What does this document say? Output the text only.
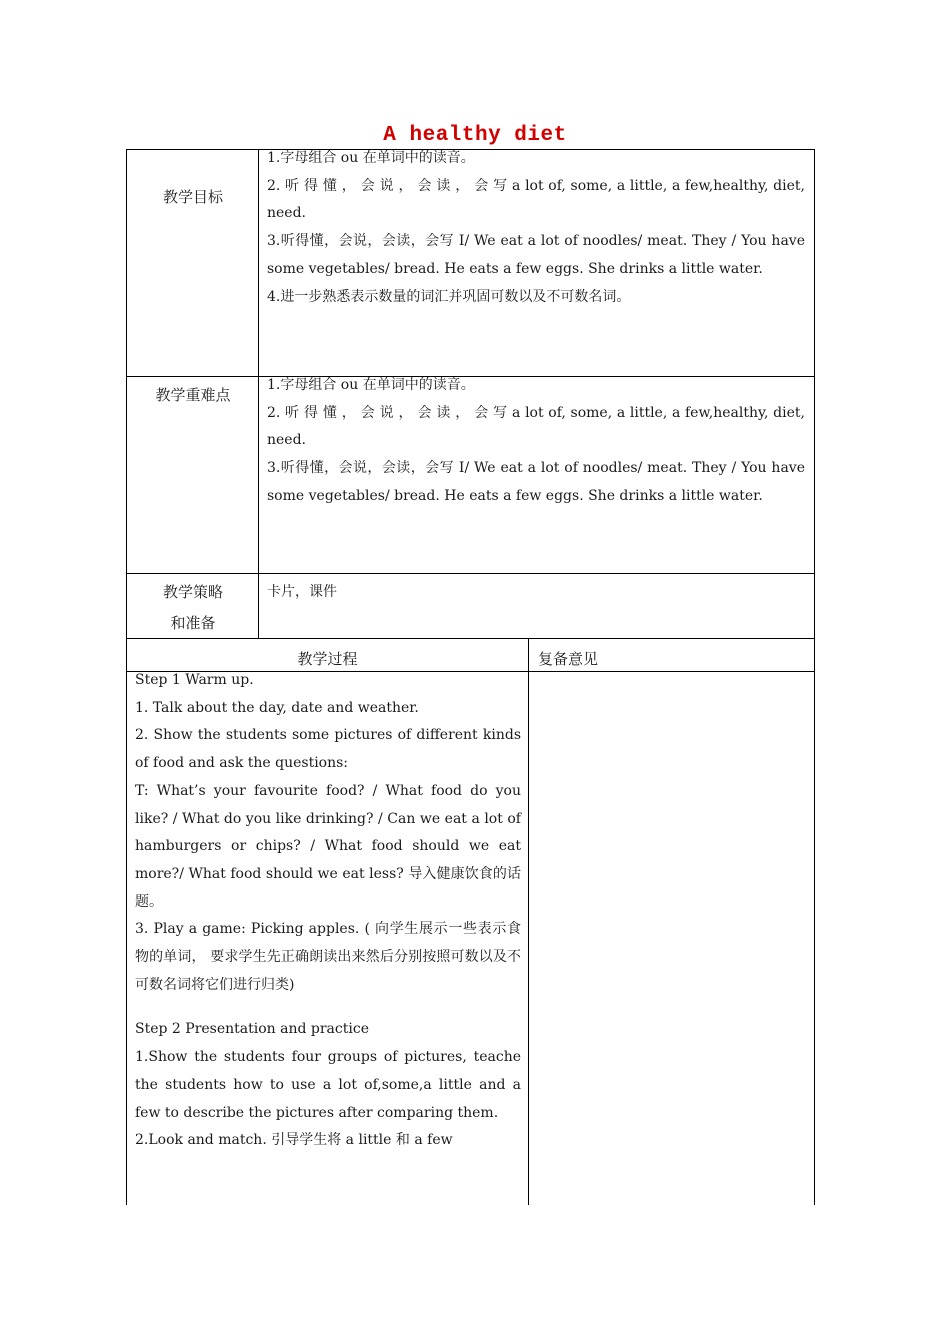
A healthy diet
教学目标

1.字母组合 ou 在单词中的读音。

2. 听 得 懂 ， 会 说 ， 会 读 ， 会 写 a lot of, some, a little, a few,healthy, diet, need.

3.听得懂，会说，会读，会写 I/ We eat a lot of noodles/ meat. They / You have some vegetables/ bread. He eats a few eggs. She drinks a little water.

4.进一步熟悉表示数量的词汇并巩固可数以及不可数名词。

教学重难点

1.字母组合 ou 在单词中的读音。

2. 听 得 懂 ， 会 说 ， 会 读 ， 会 写 a lot of, some, a little, a few,healthy, diet, need.

3.听得懂，会说，会读，会写 I/ We eat a lot of noodles/ meat. They / You have some vegetables/ bread. He eats a few eggs. She drinks a little water.

教学策略
和准备
卡片，课件
教学过程	复备意见

Step 1 Warm up.

1. Talk about the day, date and weather.

2. Show the students some pictures of different kinds of food and ask the questions:

T: What’s your favourite food? / What food do you like? / What do you like drinking? / Can we eat a lot of hamburgers or chips? / What food should we eat more?/ What food should we eat less? 导入健康饮食的话题。

3. Play a game: Picking apples. ( 向学生展示一些表示食物的单词， 要求学生先正确朗读出来然后分别按照可数以及不可数名词将它们进行归类)

Step 2 Presentation and practice

1.Show the students four groups of pictures, teache the students how to use a lot of,some,a little and a few to describe the pictures after comparing them.

2.Look and match. 引导学生将 a little 和 a few
